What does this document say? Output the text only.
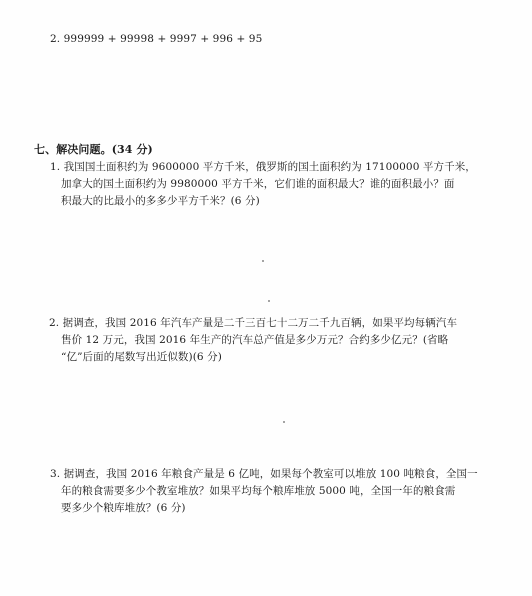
2. 999999 + 99998 + 9997 + 996 + 95
七、解决问题。(34 分)
1. 我国国土面积约为 9600000 平方千米，俄罗斯的国土面积约为 17100000 平方千米，
加拿大的国土面积约为 9980000 平方千米，它们谁的面积最大？谁的面积最小？面
积最大的比最小的多多少平方千米？(6 分)
2. 据调查，我国 2016 年汽车产量是二千三百七十二万二千九百辆，如果平均每辆汽车
售价 12 万元，我国 2016 年生产的汽车总产值是多少万元？合约多少亿元？(省略
“亿”后面的尾数写出近似数)(6 分)
3. 据调查，我国 2016 年粮食产量是 6 亿吨，如果每个教室可以堆放 100 吨粮食，全国一
年的粮食需要多少个教室堆放？如果平均每个粮库堆放 5000 吨，全国一年的粮食需
要多少个粮库堆放？(6 分)
